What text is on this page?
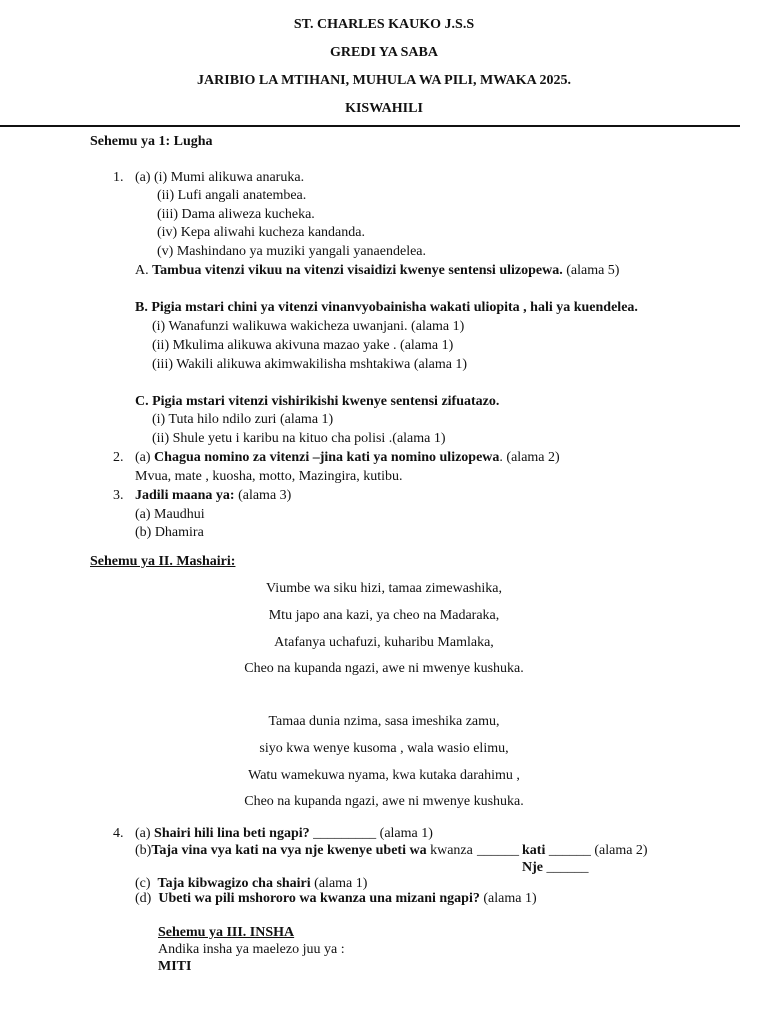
ST. CHARLES KAUKO J.S.S
GREDI YA SABA
JARIBIO LA MTIHANI, MUHULA WA PILI, MWAKA 2025.
KISWAHILI
Sehemu ya 1: Lugha
1. (a) (i) Mumi alikuwa anaruka.
(ii) Lufi angali anatembea.
(iii) Dama aliweza kucheka.
(iv) Kepa aliwahi kucheza kandanda.
(v) Mashindano ya muziki yangali yanaendelea.
A. Tambua vitenzi vikuu na vitenzi visaidizi kwenye sentensi ulizopewa. (alama 5)
B. Pigia mstari chini ya vitenzi vinanvyobainisha wakati uliopita , hali ya kuendelea.
(i) Wanafunzi walikuwa wakicheza uwanjani. (alama 1)
(ii) Mkulima alikuwa akivuna mazao yake . (alama 1)
(iii) Wakili alikuwa akimwakilisha mshtakiwa (alama 1)
C. Pigia mstari vitenzi vishirikishi kwenye sentensi zifuatazo.
(i) Tuta hilo ndilo zuri (alama 1)
(ii) Shule yetu i karibu na kituo cha polisi .(alama 1)
2. (a) Chagua nomino za vitenzi –jina kati ya nomino ulizopewa. (alama 2)
Mvua, mate , kuosha, motto, Mazingira, kutibu.
3. Jadili maana ya: (alama 3)
(a) Maudhui
(b) Dhamira
Sehemu ya II. Mashairi:
Viumbe wa siku hizi, tamaa zimewashika,
Mtu japo ana kazi, ya cheo na Madaraka,
Atafanya uchafuzi, kuharibu Mamlaka,
Cheo na kupanda ngazi, awe ni mwenye kushuka.
Tamaa dunia nzima, sasa imeshika zamu,
siyo kwa wenye kusoma , wala wasio elimu,
Watu wamekuwa nyama, kwa kutaka darahimu ,
Cheo na kupanda ngazi, awe ni mwenye kushuka.
4. (a) Shairi hili lina beti ngapi? _________ (alama 1)
(b)Taja vina vya kati na vya nje kwenye ubeti wa kwanza ______ kati ______ (alama 2)
Nje ______
(c) Taja kibwagizo cha shairi (alama 1)
(d) Ubeti wa pili mshororo wa kwanza una mizani ngapi? (alama 1)
Sehemu ya III. INSHA
Andika insha ya maelezo juu ya :
MITI
